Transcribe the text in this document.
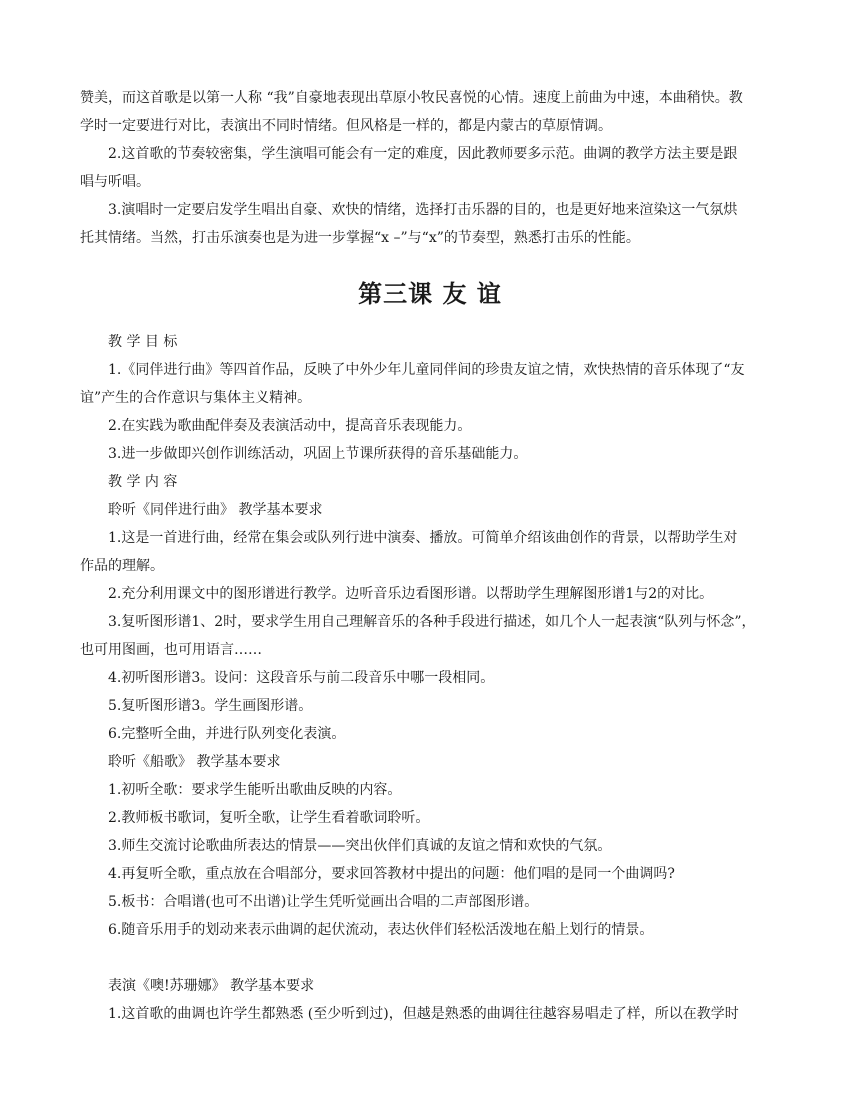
赞美，而这首歌是以第一人称 “我”自豪地表现出草原小牧民喜悦的心情。速度上前曲为中速，本曲稍快。教
学时一定要进行对比，表演出不同时情绪。但风格是一样的，都是内蒙古的草原情调。
2.这首歌的节奏较密集，学生演唱可能会有一定的难度，因此教师要多示范。曲调的教学方法主要是跟
唱与听唱。
3.演唱时一定要启发学生唱出自豪、欢快的情绪，选择打击乐器的目的，也是更好地来渲染这一气氛烘
托其情绪。当然，打击乐演奏也是为进一步掌握“x –”与“x”的节奏型，熟悉打击乐的性能。
第三课 友 谊
教 学 目 标
1.《同伴进行曲》等四首作品，反映了中外少年儿童同伴间的珍贵友谊之情，欢快热情的音乐体现了“友
谊”产生的合作意识与集体主义精神。
2.在实践为歌曲配伴奏及表演活动中，提高音乐表现能力。
3.进一步做即兴创作训练活动，巩固上节课所获得的音乐基础能力。
教 学 内 容
聆听《同伴进行曲》 教学基本要求
1.这是一首进行曲，经常在集会或队列行进中演奏、播放。可简单介绍该曲创作的背景，以帮助学生对
作品的理解。
2.充分利用课文中的图形谱进行教学。边听音乐边看图形谱。以帮助学生理解图形谱1与2的对比。
3.复听图形谱1、2时，要求学生用自己理解音乐的各种手段进行描述，如几个人一起表演“队列与怀念”，
也可用图画，也可用语言……
4.初听图形谱3。设问：这段音乐与前二段音乐中哪一段相同。
5.复听图形谱3。学生画图形谱。
6.完整听全曲，并进行队列变化表演。
聆听《船歌》 教学基本要求
1.初听全歌：要求学生能听出歌曲反映的内容。
2.教师板书歌词，复听全歌，让学生看着歌词聆听。
3.师生交流讨论歌曲所表达的情景——突出伙伴们真诚的友谊之情和欢快的气氛。
4.再复听全歌，重点放在合唱部分，要求回答教材中提出的问题：他们唱的是同一个曲调吗?
5.板书：合唱谱(也可不出谱)让学生凭听觉画出合唱的二声部图形谱。
6.随音乐用手的划动来表示曲调的起伏流动，表达伙伴们轻松活泼地在船上划行的情景。
表演《噢!苏珊娜》 教学基本要求
1.这首歌的曲调也许学生都熟悉 (至少听到过)，但越是熟悉的曲调往往越容易唱走了样，所以在教学时
